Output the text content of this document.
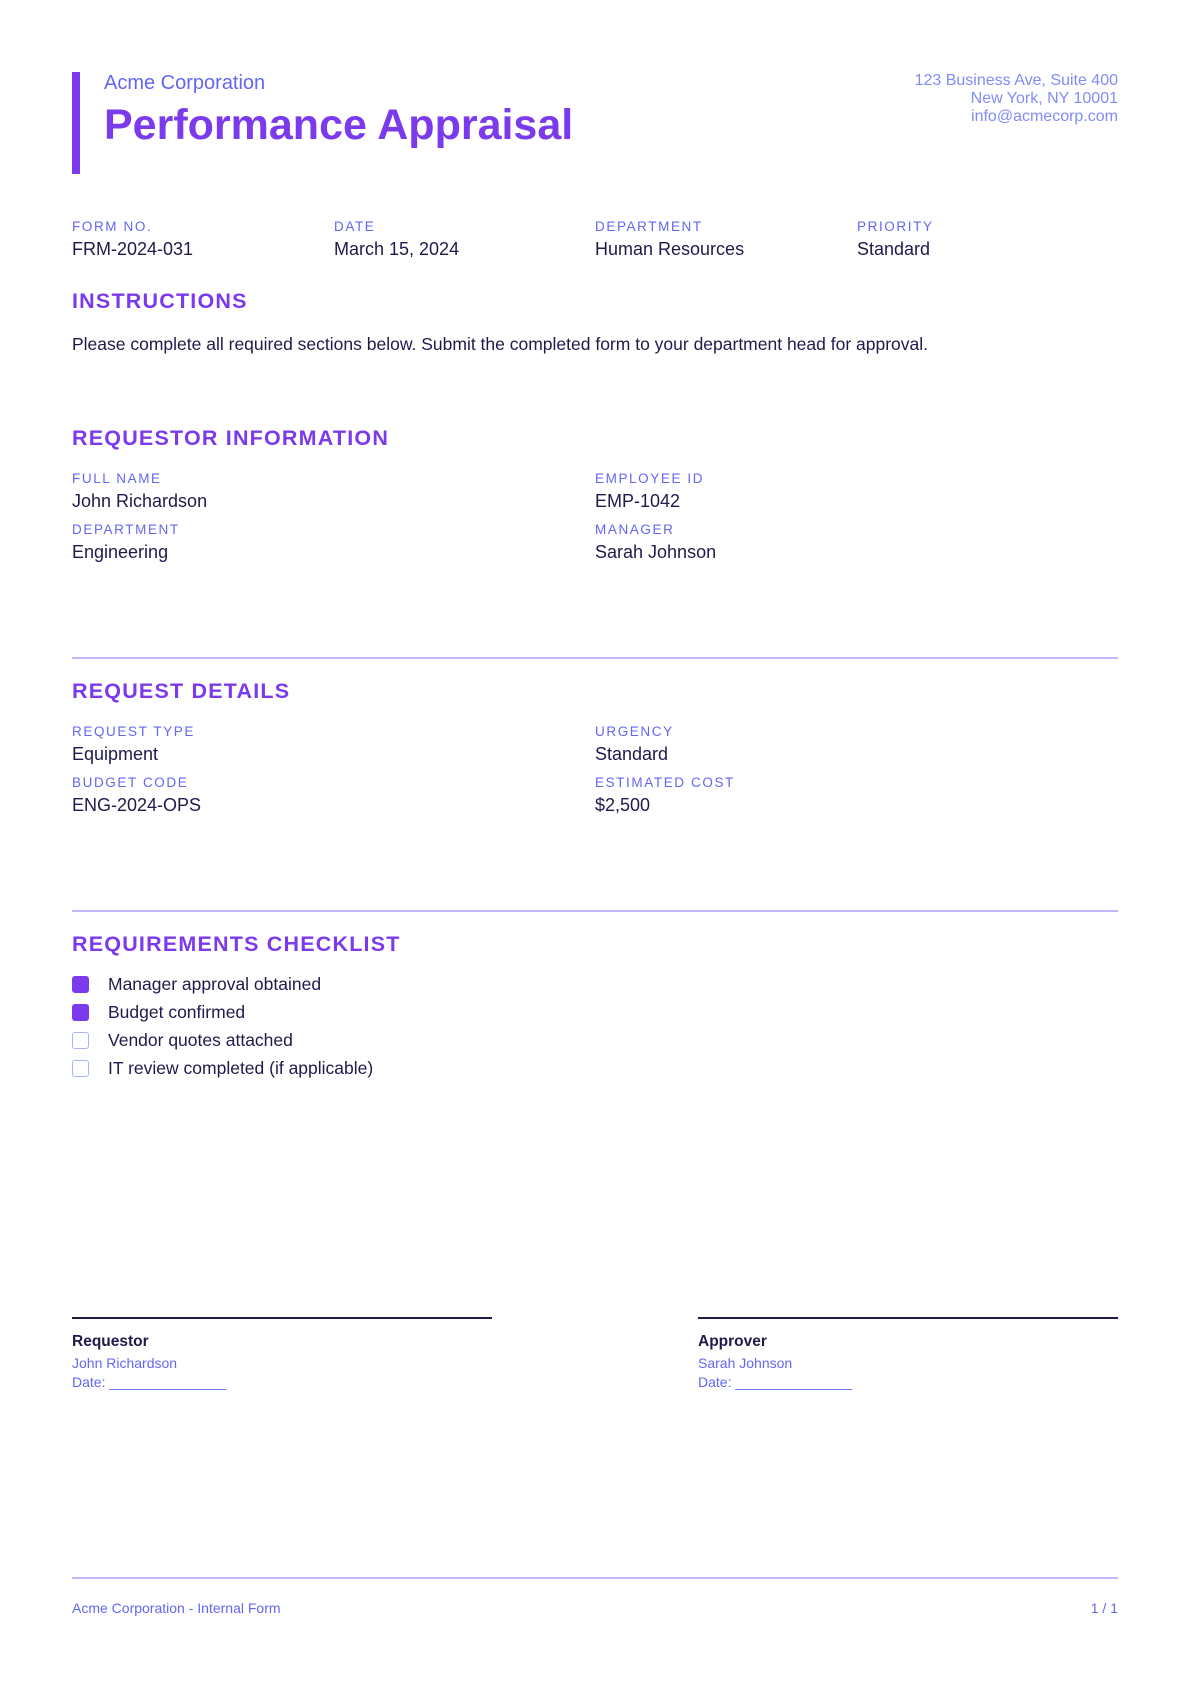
Acme Corporation
Performance Appraisal
123 Business Ave, Suite 400
New York, NY 10001
info@acmecorp.com
FORM NO.
FRM-2024-031
DATE
March 15, 2024
DEPARTMENT
Human Resources
PRIORITY
Standard
INSTRUCTIONS
Please complete all required sections below. Submit the completed form to your department head for approval.
REQUESTOR INFORMATION
FULL NAME
John Richardson
EMPLOYEE ID
EMP-1042
DEPARTMENT
Engineering
MANAGER
Sarah Johnson
REQUEST DETAILS
REQUEST TYPE
Equipment
URGENCY
Standard
BUDGET CODE
ENG-2024-OPS
ESTIMATED COST
$2,500
REQUIREMENTS CHECKLIST
Manager approval obtained
Budget confirmed
Vendor quotes attached
IT review completed (if applicable)
Requestor
John Richardson
Date: _______________
Approver
Sarah Johnson
Date: _______________
Acme Corporation - Internal Form	1 / 1
